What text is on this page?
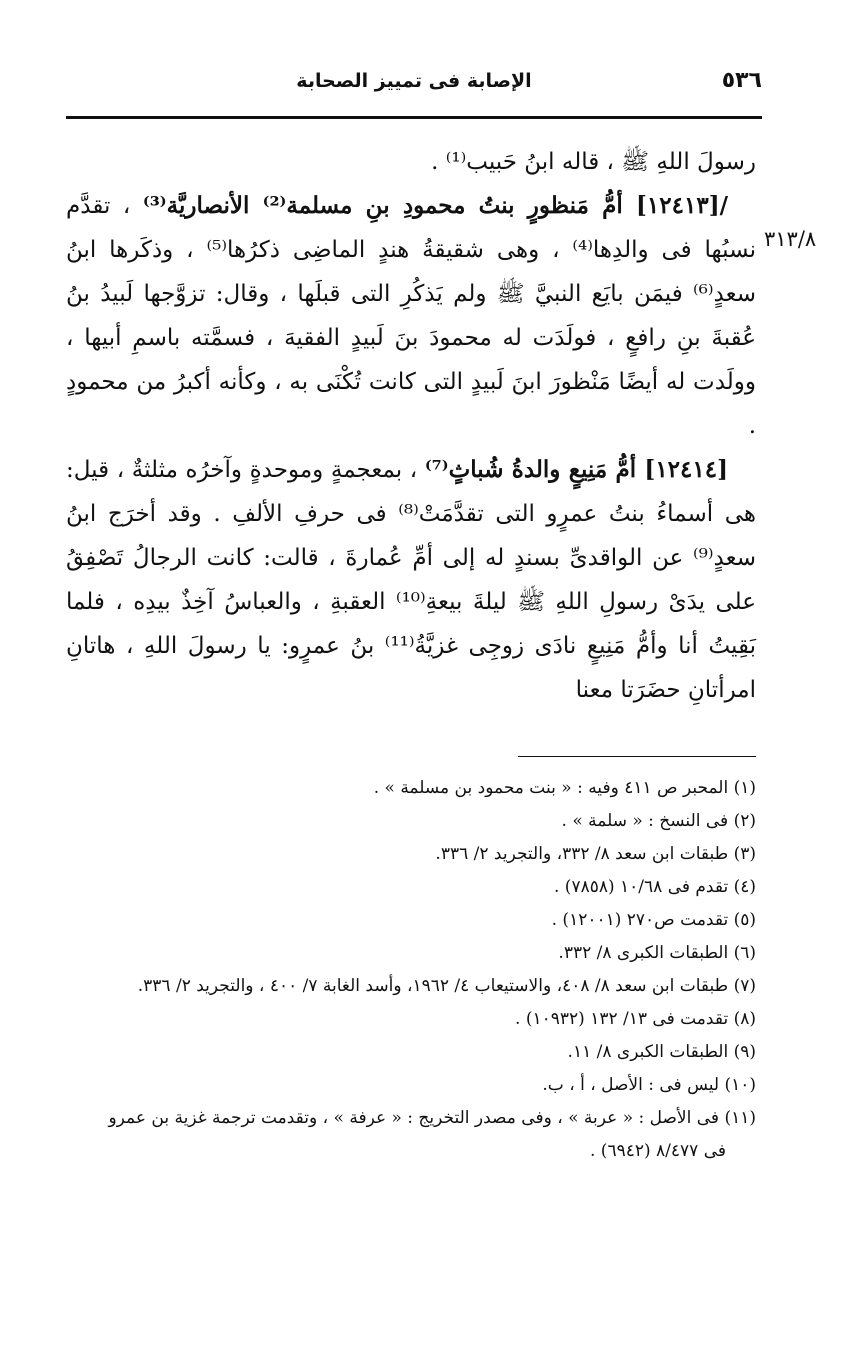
٥٣٦
الإصابة فى تمييز الصحابة
٣١٣/٨

رسولَ اللهِ ﷺ ، قاله ابنُ حَبيب⁽¹⁾ .

/[١٢٤١٣] أمُّ مَنظورٍ بنتُ محمودِ بنِ مسلمة⁽²⁾ الأنصاريَّة⁽³⁾ ، تقدَّم نسبُها فى والدِها⁽⁴⁾ ، وهى شقيقةُ هندٍ الماضِى ذكرُها⁽⁵⁾ ، وذكَرها ابنُ سعدٍ⁽⁶⁾ فيمَن بايَع النبيَّ ﷺ ولم يَذكُرِ التى قبلَها ، وقال: تزوَّجها لَبيدُ بنُ عُقبةَ بنِ رافعٍ ، فولَدَت له محمودَ بنَ لَبيدٍ الفقيهَ ، فسمَّته باسمِ أبيها ، وولَدت له أيضًا مَنْظورَ ابنَ لَبيدٍ التى كانت تُكْنَى به ، وكأنه أكبرُ من محمودٍ .

[١٢٤١٤] أمُّ مَنِيعٍ والدةُ شُباثٍ⁽⁷⁾ ، بمعجمةٍ وموحدةٍ وآخرُه مثلثةٌ ، قيل: هى أسماءُ بنتُ عمرٍو التى تقدَّمَتْ⁽⁸⁾ فى حرفِ الألفِ . وقد أخرَج ابنُ سعدٍ⁽⁹⁾ عن الواقدىِّ بسندٍ له إلى أمِّ عُمارةَ ، قالت: كانت الرجالُ تَصْفِقُ على يدَىْ رسولِ اللهِ ﷺ ليلةَ بيعةِ⁽¹⁰⁾ العقبةِ ، والعباسُ آخِذٌ بيدِه ، فلما بَقِيتُ أنا وأمُّ مَنِيعٍ نادَى زوجِى غزيَّةُ⁽¹¹⁾ بنُ عمرٍو: يا رسولَ اللهِ ، هاتانِ امرأتانِ حضَرَتا معنا

(١) المحبر ص ٤١١ وفيه : « بنت محمود بن مسلمة » .
(٢) فى النسخ : « سلمة » .
(٣) طبقات ابن سعد ٨/ ٣٣٢، والتجريد ٢/ ٣٣٦.
(٤) تقدم فى ١٠/٦٨ (٧٨٥٨) .
(٥) تقدمت ص٢٧٠ (١٢٠٠١) .
(٦) الطبقات الكبرى ٨/ ٣٣٢.
(٧) طبقات ابن سعد ٨/ ٤٠٨، والاستيعاب ٤/ ١٩٦٢، وأسد الغابة ٧/ ٤٠٠ ، والتجريد ٢/ ٣٣٦.
(٨) تقدمت فى ١٣/ ١٣٢ (١٠٩٣٢) .
(٩) الطبقات الكبرى ٨/ ١١.
(١٠) ليس فى : الأصل ، أ ، ب.
(١١) فى الأصل : « عربة » ، وفى مصدر التخريج : « عرفة » ، وتقدمت ترجمة غزية بن عمرو
فى ٨/٤٧٧ (٦٩٤٢) .
